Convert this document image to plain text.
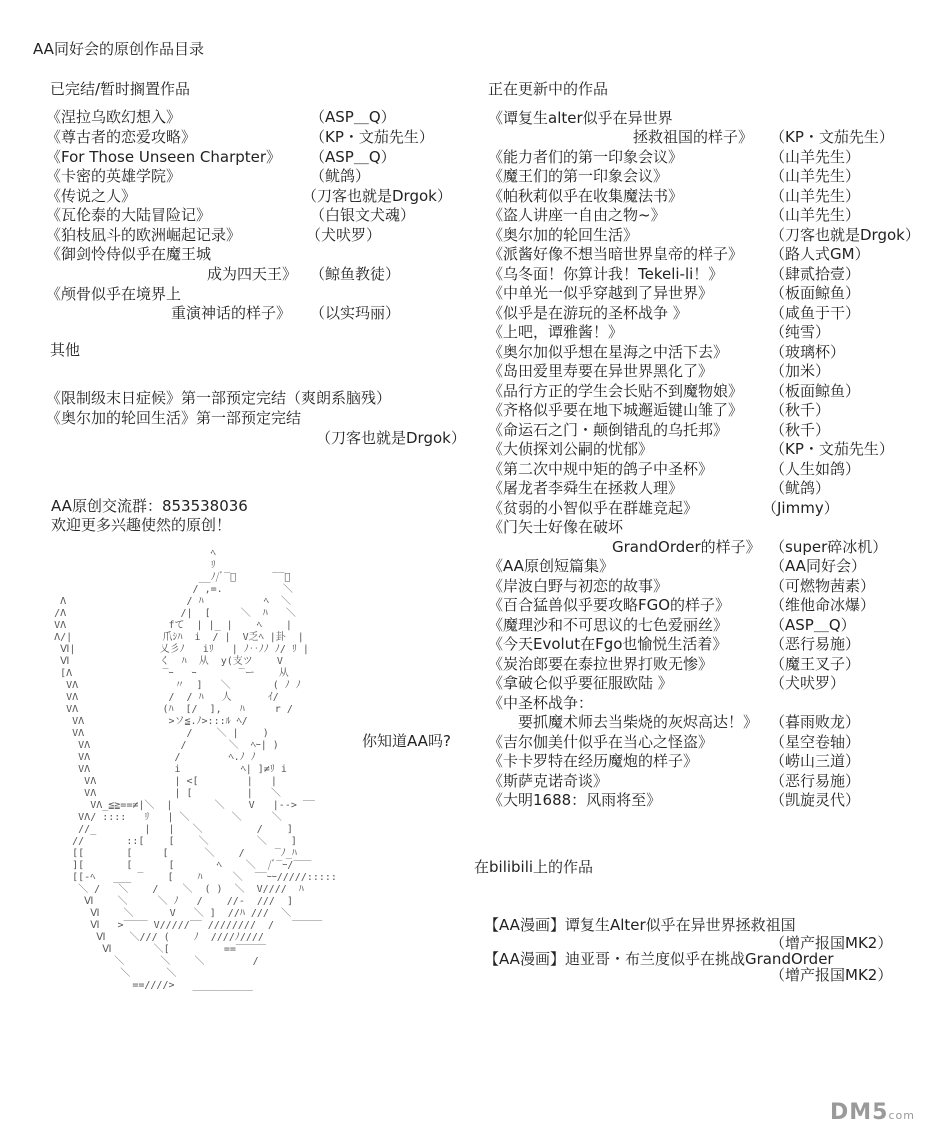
AA同好会的原创作品目录
已完结/暂时搁置作品
《涅拉乌欧幻想入》	（ASP＿Q）
《尊古者的恋爱攻略》	（KP・文茄先生）
《For Those Unseen Charpter》 （ASP＿Q）
《卡密的英雄学院》	（鱿鸽）
《传说之人》	（刀客也就是Drgok）
《瓦伦泰的大陆冒险记》	（白银文犬魂）
《狛枝凪斗的欧洲崛起记录》	（犬吠罗）
《御剑怜侍似乎在魔王城
成为四天王》 （鲸鱼教徒）
《颅骨似乎在境界上
重演神话的样子》 （以实玛丽）
其他
《限制级末日症候》第一部预定完结（爽朗系脑残）
《奥尔加的轮回生活》第一部预定完结
（刀客也就是Drgok）
AA原创交流群：853538036
欢迎更多兴趣使然的原创！
ﾍ
ﾘ
__ﾉ/ﾞ‾ﾞ      ‾‾ﾞ
/ ,=.          ＼
Λ                    / ﾊ          ﾍ  ＼
/Λ                   /|  [     ＼  ﾊ   ＼
VΛ                 fて  | |_ |    ﾍ    |
Λ/|               爪ｼﾊ  i  / |  V乏ﾍ |卦  |
Ⅵ|              乂彡ﾉ   iﾘ   | ﾉ‥ﾉﾉ ﾉ/ ﾘ |
Ⅵ               く  ﾊ  从  y(支ツ    V
[Λ               ‾ｰ   ｰ       ‾ー    从
VΛ                〃  ]   ＼       ( ﾉ ﾉ
VΛ               /  / ﾊ   人      ｲ/
VΛ              (ﾊ  [/  ],   ﾊ     r /
VΛ              >ソ≦.ﾉ>:::ﾙ ﾍ/
VΛ                 /    ＼ |    )
VΛ               /       ＼  ﾍｰ| )
VΛ              /        ﾍ.ﾉ ﾉ
VΛ              i          ﾍ| ]≠ﾘ i
VΛ             | <[        |   |
VΛ             | [         |   ＼
VΛ_≦≧==≠|＼  |       ＼    V   |--> ‾‾
VΛ/ ::::   ﾘ   | ＼       ＼     ＼
//_        |   |   ＼         /    ]
//       ::[    [    ＼        ＼    ]
[[       [     [      ＼    /     ‾ﾉ_ﾊ
][       [      [       ﾍ    ＼  /ﾞ‾ｰ/‾‾‾
[[‐ﾍ   ___ ‾    [    ﾊ     ＼  ‾‾ｰｰ/////:::::
＼ /   ＼    /    ＼  ( )  ＼  V////  ﾊ
Ⅵ    ＼     ＼ ﾉ   /    //-  ///  ]
Ⅵ    ＼      V   ＼ ]  //ﾊ ///  ＼
Ⅵ   >‾‾‾‾ V/////‾‾ ////////  /   ‾‾‾‾‾
Ⅵ    ＼/// (    ﾉ  ////ﾉ////
Ⅵ       ＼[         ==‾‾‾‾‾
＼      ＼    ＼        /
＼      ＼
==////>   __________

你知道AA吗?
正在更新中的作品
《谭复生alter似乎在异世界
拯救祖国的样子》 （KP・文茄先生）
《能力者们的第一印象会议》	（山羊先生）
《魔王们的第一印象会议》	（山羊先生）
《帕秋莉似乎在收集魔法书》	（山羊先生）
《盗人讲座一自由之物~》	（山羊先生）
《奥尔加的轮回生活》	（刀客也就是Drgok）
《派酱好像不想当暗世界皇帝的样子》 （路人式GM）
《乌冬面！你算计我！Tekeli-li！》	（肆贰拾壹）
《中单光一似乎穿越到了异世界》	（板面鲸鱼）
《似乎是在游玩的圣杯战争 》	（咸鱼于干）
《上吧，谭雅酱！》	（纯雪）
《奥尔加似乎想在星海之中活下去》	（玻璃杯）
《岛田爱里寿要在异世界黑化了》	（加米）
《品行方正的学生会长贴不到魔物娘》 （板面鲸鱼）
《齐格似乎要在地下城邂逅键山雏了》 （秋千）
《命运石之门・颠倒错乱的乌托邦》	（秋千）
《大侦探刘公嗣的忧郁》	（KP・文茄先生）
《第二次中规中矩的鸽子中圣杯》	（人生如鸽）
《屠龙者李舜生在拯救人理》	（鱿鸽）
《贫弱的小智似乎在群雄竞起》	（Jimmy）
《门矢士好像在破坏
GrandOrder的样子》 （super碎冰机）
《AA原创短篇集》	（AA同好会）
《岸波白野与初恋的故事》	（可燃物茜素）
《百合猛兽似乎要攻略FGO的样子》	（维他命冰爆）
《魔理沙和不可思议的七色爱丽丝》	（ASP＿Q）
《今天Evolut在Fgo也愉悦生活着》	（恶行易施）
《炭治郎要在泰拉世界打败无惨》	（魔王叉子）
《拿破仑似乎要征服欧陆 》	（犬吠罗）
《中圣杯战争：
要抓魔术师去当柴烧的灰烬高达！》 （暮雨败龙）
《吉尔伽美什似乎在当心之怪盗》	（星空卷轴）
《卡卡罗特在经历魔炮的样子》	（崂山三道）
《斯萨克诺奇谈》	（恶行易施）
《大明1688：风雨将至》	（凯旋灵代）
在bilibili上的作品
【AA漫画】谭复生Alter似乎在异世界拯救祖国
（增产报国MK2）
【AA漫画】迪亚哥・布兰度似乎在挑战GrandOrder
（增产报国MK2）
DM5com
